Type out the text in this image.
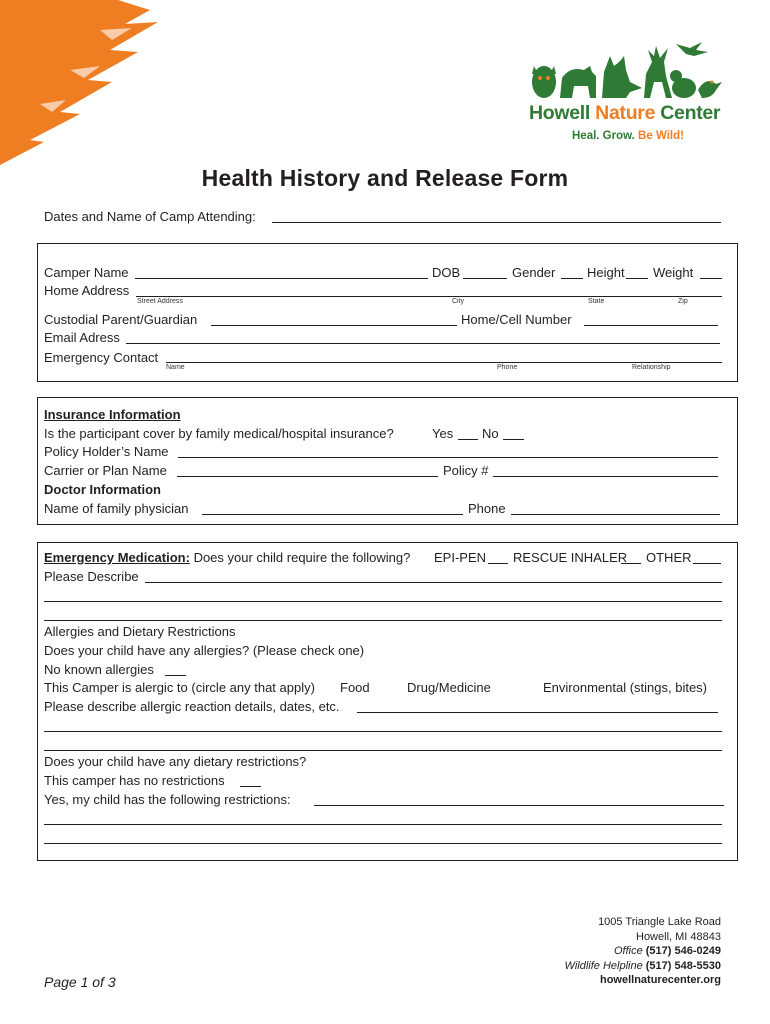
Howell Nature Center
Heal. Grow. Be Wild!
Health History and Release Form
Dates and Name of Camp Attending:
Camper Name	DOB	Gender Height Weight
Home Address
Street Address	City	State	Zip
Custodial Parent/Guardian	Home/Cell Number
Email Adress
Emergency Contact
Name	Phone	Relationship
Insurance Information
Is the participant cover by family medical/hospital insurance?	Yes No
Policy Holder’s Name
Carrier or Plan Name	Policy #
Doctor Information
Name of family physician	Phone
Emergency Medication: Does your child require the following? EPI-PEN RESCUE INHALER OTHER
Please Describe
Allergies and Dietary Restrictions
Does your child have any allergies? (Please check one)
No known allergies
This Camper is alergic to (circle any that apply) Food	Drug/Medicine	Environmental (stings, bites)
Please describe allergic reaction details, dates, etc.
Does your child have any dietary restrictions?
This camper has no restrictions
Yes, my child has the following restrictions:
Page 1 of 3
1005 Triangle Lake Road
Howell, MI 48843
Office (517) 546-0249
Wildlife Helpline (517) 548-5530
howellnaturecenter.org
